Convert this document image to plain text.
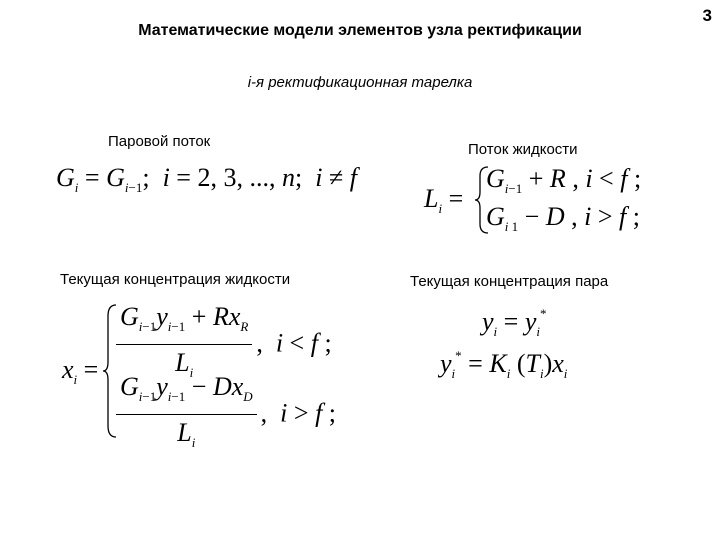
Математические модели элементов узла ректификации
3
i-я ректификационная тарелка
Паровой поток	Поток жидкости
Текущая концентрация жидкости	Текущая концентрация пара
$G_i = G_{i-1}$;  i = 2, 3, ..., n;  i ≠ f
$L_i$ =
$G_{i-1} + R$ , i < f ;
$G_{i 1} - D$ , i > f ;
$x_i = \frac{G_{i-1}y_{i-1} + Rx_R}{L_i}$ ,  i < f ;
$\frac{G_{i-1}y_{i-1} - Dx_D}{L_i}$ ,  i > f ;
$y_i = y_i^*$
$y_i^* = K_i$ $(T_i)x_i$
